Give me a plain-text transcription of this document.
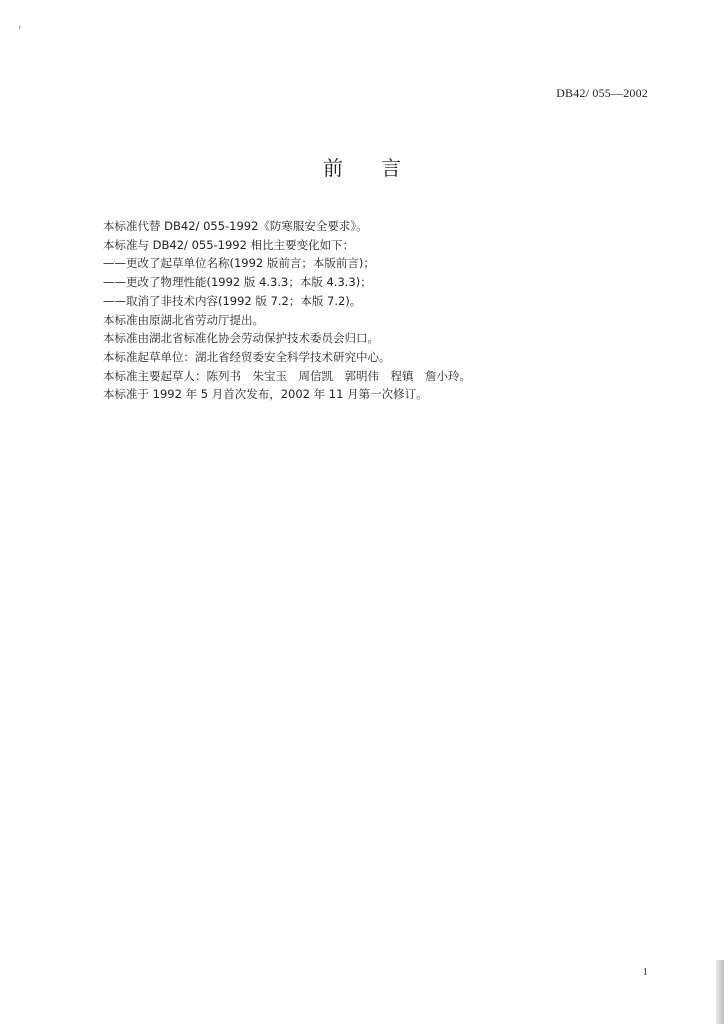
⸲
DB42/ 055—2002
前 言
本标准代替 DB42/ 055-1992《防寒服安全要求》。
本标准与 DB42/ 055-1992 相比主要变化如下：
——更改了起草单位名称(1992 版前言；本版前言)；
——更改了物理性能(1992 版 4.3.3；本版 4.3.3)；
——取消了非技术内容(1992 版 7.2；本版 7.2)。
本标准由原湖北省劳动厅提出。
本标准由湖北省标准化协会劳动保护技术委员会归口。
本标准起草单位：湖北省经贸委安全科学技术研究中心。
本标准主要起草人：陈列书　朱宝玉　周信凯　郭明伟　程镇　詹小玲。
本标准于 1992 年 5 月首次发布，2002 年 11 月第一次修订。
1
